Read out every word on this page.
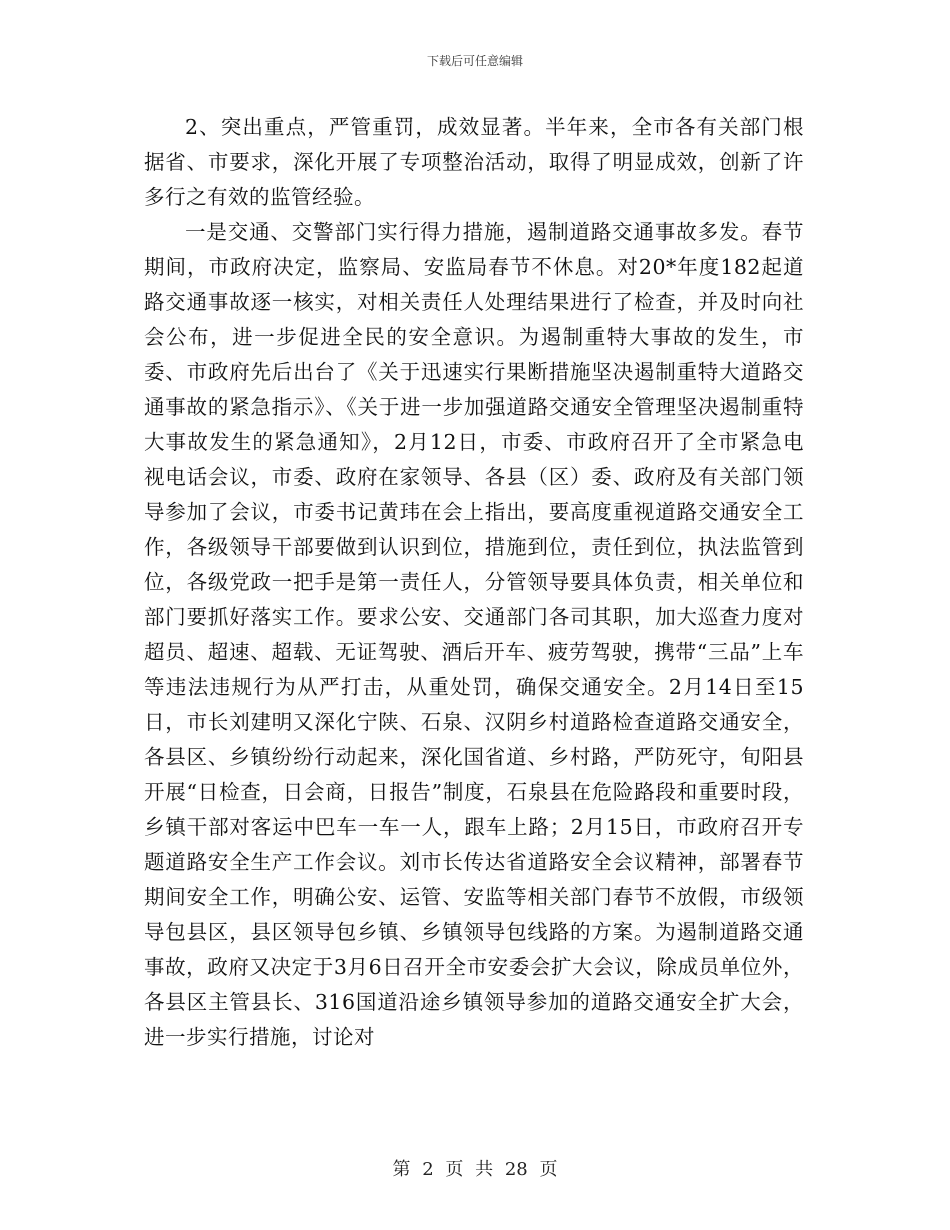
下载后可任意编辑

2、突出重点，严管重罚，成效显著。半年来，全市各有关部门根据省、市要求，深化开展了专项整治活动，取得了明显成效，创新了许多行之有效的监管经验。

一是交通、交警部门实行得力措施，遏制道路交通事故多发。春节期间，市政府决定，监察局、安监局春节不休息。对20*年度182起道路交通事故逐一核实，对相关责任人处理结果进行了检查，并及时向社会公布，进一步促进全民的安全意识。为遏制重特大事故的发生，市委、市政府先后出台了《关于迅速实行果断措施坚决遏制重特大道路交通事故的紧急指示》、《关于进一步加强道路交通安全管理坚决遏制重特大事故发生的紧急通知》，2月12日，市委、市政府召开了全市紧急电视电话会议，市委、政府在家领导、各县（区）委、政府及有关部门领导参加了会议，市委书记黄玮在会上指出，要高度重视道路交通安全工作，各级领导干部要做到认识到位，措施到位，责任到位，执法监管到位，各级党政一把手是第一责任人，分管领导要具体负责，相关单位和部门要抓好落实工作。要求公安、交通部门各司其职，加大巡查力度对超员、超速、超载、无证驾驶、酒后开车、疲劳驾驶，携带“三品”上车等违法违规行为从严打击，从重处罚，确保交通安全。2月14日至15日，市长刘建明又深化宁陕、石泉、汉阴乡村道路检查道路交通安全，各县区、乡镇纷纷行动起来，深化国省道、乡村路，严防死守，旬阳县开展“日检查，日会商，日报告”制度，石泉县在危险路段和重要时段，乡镇干部对客运中巴车一车一人，跟车上路；2月15日，市政府召开专题道路安全生产工作会议。刘市长传达省道路安全会议精神，部署春节期间安全工作，明确公安、运管、安监等相关部门春节不放假，市级领导包县区，县区领导包乡镇、乡镇领导包线路的方案。为遏制道路交通事故，政府又决定于3月6日召开全市安委会扩大会议，除成员单位外，各县区主管县长、316国道沿途乡镇领导参加的道路交通安全扩大会，进一步实行措施，讨论对

第 2 页 共 28 页
